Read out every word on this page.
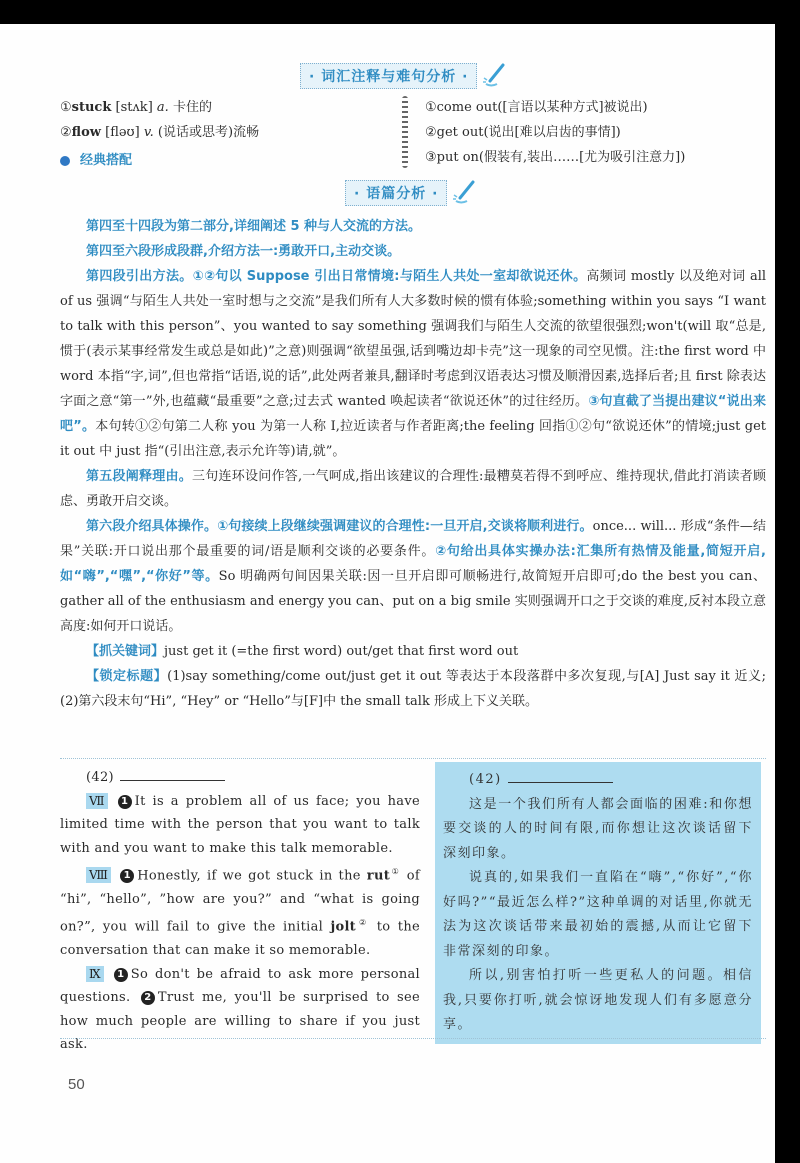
· 词汇注释与难句分析 ·
①stuck [stʌk] a. 卡住的
②flow [fləʊ] v. (说话或思考)流畅
经典搭配
①come out([言语以某种方式]被说出)
②get out(说出[难以启齿的事情])
③put on(假装有,装出……[尤为吸引注意力])
· 语篇分析 ·

第四至十四段为第二部分,详细阐述 5 种与人交流的方法。

第四至六段形成段群,介绍方法一:勇敢开口,主动交谈。

第四段引出方法。①②句以 Suppose 引出日常情境:与陌生人共处一室却欲说还休。高频词 mostly 以及绝对词 all of us 强调“与陌生人共处一室时想与之交流”是我们所有人大多数时候的惯有体验;something within you says “I want to talk with this person”、you wanted to say something 强调我们与陌生人交流的欲望很强烈;won't(will 取“总是,惯于(表示某事经常发生或总是如此)”之意)则强调“欲望虽强,话到嘴边却卡壳”这一现象的司空见惯。注:the first word 中 word 本指“字,词”,但也常指“话语,说的话”,此处两者兼具,翻译时考虑到汉语表达习惯及顺滑因素,选择后者;且 first 除表达字面之意“第一”外,也蕴藏“最重要”之意;过去式 wanted 唤起读者“欲说还休”的过往经历。③句直截了当提出建议“说出来吧”。本句转①②句第二人称 you 为第一人称 I,拉近读者与作者距离;the feeling 回指①②句“欲说还休”的情境;just get it out 中 just 指“(引出注意,表示允许等)请,就”。

第五段阐释理由。三句连环设问作答,一气呵成,指出该建议的合理性:最糟莫若得不到呼应、维持现状,借此打消读者顾虑、勇敢开启交谈。

第六段介绍具体操作。①句接续上段继续强调建议的合理性:一旦开启,交谈将顺利进行。once... will... 形成“条件—结果”关联:开口说出那个最重要的词/语是顺利交谈的必要条件。②句给出具体实操办法:汇集所有热情及能量,简短开启,如“嗨”,“嘿”,“你好”等。So 明确两句间因果关联:因一旦开启即可顺畅进行,故简短开启即可;do the best you can、gather all of the enthusiasm and energy you can、put on a big smile 实则强调开口之于交谈的难度,反衬本段立意高度:如何开口说话。

【抓关键词】just get it (=the first word) out/get that first word out

【锁定标题】(1)say something/come out/just get it out 等表达于本段落群中多次复现,与[A] Just say it 近义;(2)第六段末句“Hi”, “Hey” or “Hello”与[F]中 the small talk 形成上下义关联。

(42)

Ⅶ 1 It is a problem all of us face; you have limited time with the person that you want to talk with and you want to make this talk memorable.

Ⅷ 1 Honestly, if we got stuck in the rut① of “hi”, “hello”, ”how are you?” and “what is going on?”, you will fail to give the initial jolt② to the conversation that can make it so memorable.

Ⅸ 1 So don't be afraid to ask more personal questions. 2 Trust me, you'll be surprised to see how much people are willing to share if you just ask.

(42)

这是一个我们所有人都会面临的困难:和你想要交谈的人的时间有限,而你想让这次谈话留下深刻印象。

说真的,如果我们一直陷在“嗨”,“你好”,“你好吗?”“最近怎么样?”这种单调的对话里,你就无法为这次谈话带来最初始的震撼,从而让它留下非常深刻的印象。

所以,别害怕打听一些更私人的问题。相信我,只要你打听,就会惊讶地发现人们有多愿意分享。

50
